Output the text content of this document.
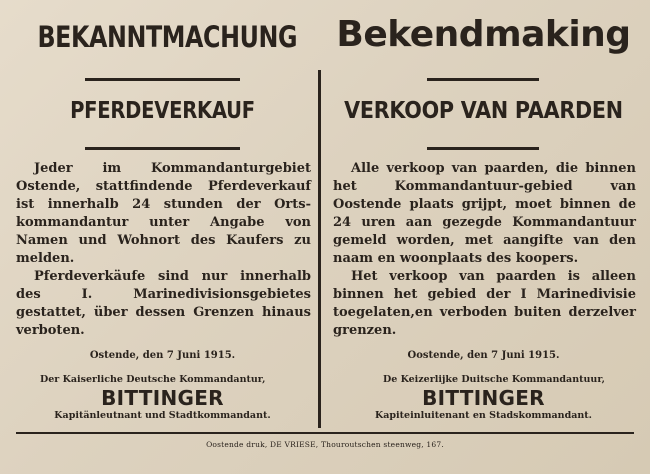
BEKANNTMACHUNG
PFERDEVERKAUF

Jeder im Kommandanturgebiet Ostende, stattfindende Pferdeverkauf ist innerhalb 24 stunden der Orts-kommandantur unter Angabe von Namen und Wohnort des Kaufers zu melden.

Pferdeverkäufe sind nur innerhalb des I. Marinedivisionsgebietes gestattet, über dessen Grenzen hinaus verboten.

Ostende, den 7 Juni 1915.
Der Kaiserliche Deutsche Kommandantur,
BITTINGER
Kapitänleutnant und Stadtkommandant.
Bekendmaking
VERKOOP VAN PAARDEN

Alle verkoop van paarden, die binnen het Kommandantuur-gebied van Oostende plaats grijpt, moet binnen de 24 uren aan gezegde Kommandantuur gemeld worden, met aangifte van den naam en woonplaats des koopers.

Het verkoop van paarden is alleen binnen het gebied der I Marinedivisie toegelaten,en verboden buiten derzelver grenzen.

Oostende, den 7 Juni 1915.
De Keizerlijke Duitsche Kommandantuur,
BITTINGER
Kapiteinluitenant en Stadskommandant.
Oostende druk, DE VRIESE, Thouroutschen steenweg, 167.
